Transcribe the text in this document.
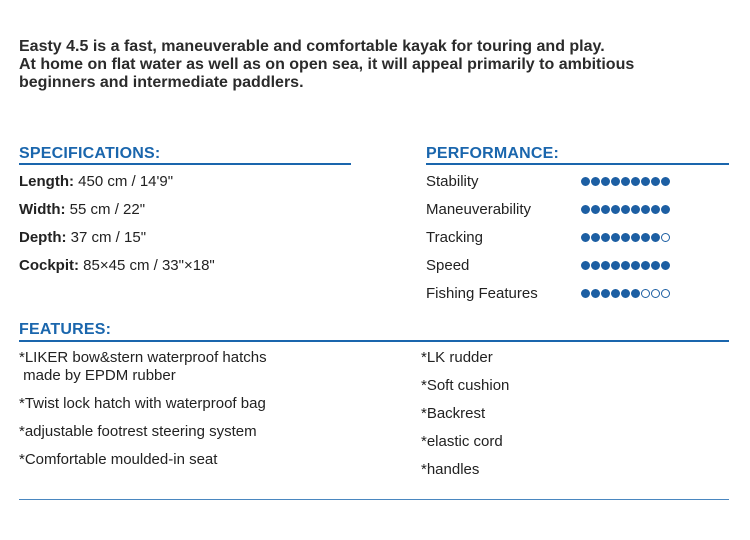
Easty 4.5 is a fast, maneuverable and comfortable kayak for touring and play.
At home on flat water as well as on open sea, it will appeal primarily to ambitious
beginners and intermediate paddlers.
SPECIFICATIONS:
Length: 450 cm / 14'9"
Width: 55 cm / 22"
Depth: 37 cm / 15"
Cockpit: 85×45 cm / 33"×18"
PERFORMANCE:
Stability
Maneuverability
Tracking
Speed
Fishing Features
FEATURES:
*LIKER bow&stern waterproof hatchs
made by EPDM rubber
*Twist lock hatch with waterproof bag
*adjustable footrest steering system
*Comfortable moulded-in seat
*LK rudder
*Soft cushion
*Backrest
*elastic cord
*handles
